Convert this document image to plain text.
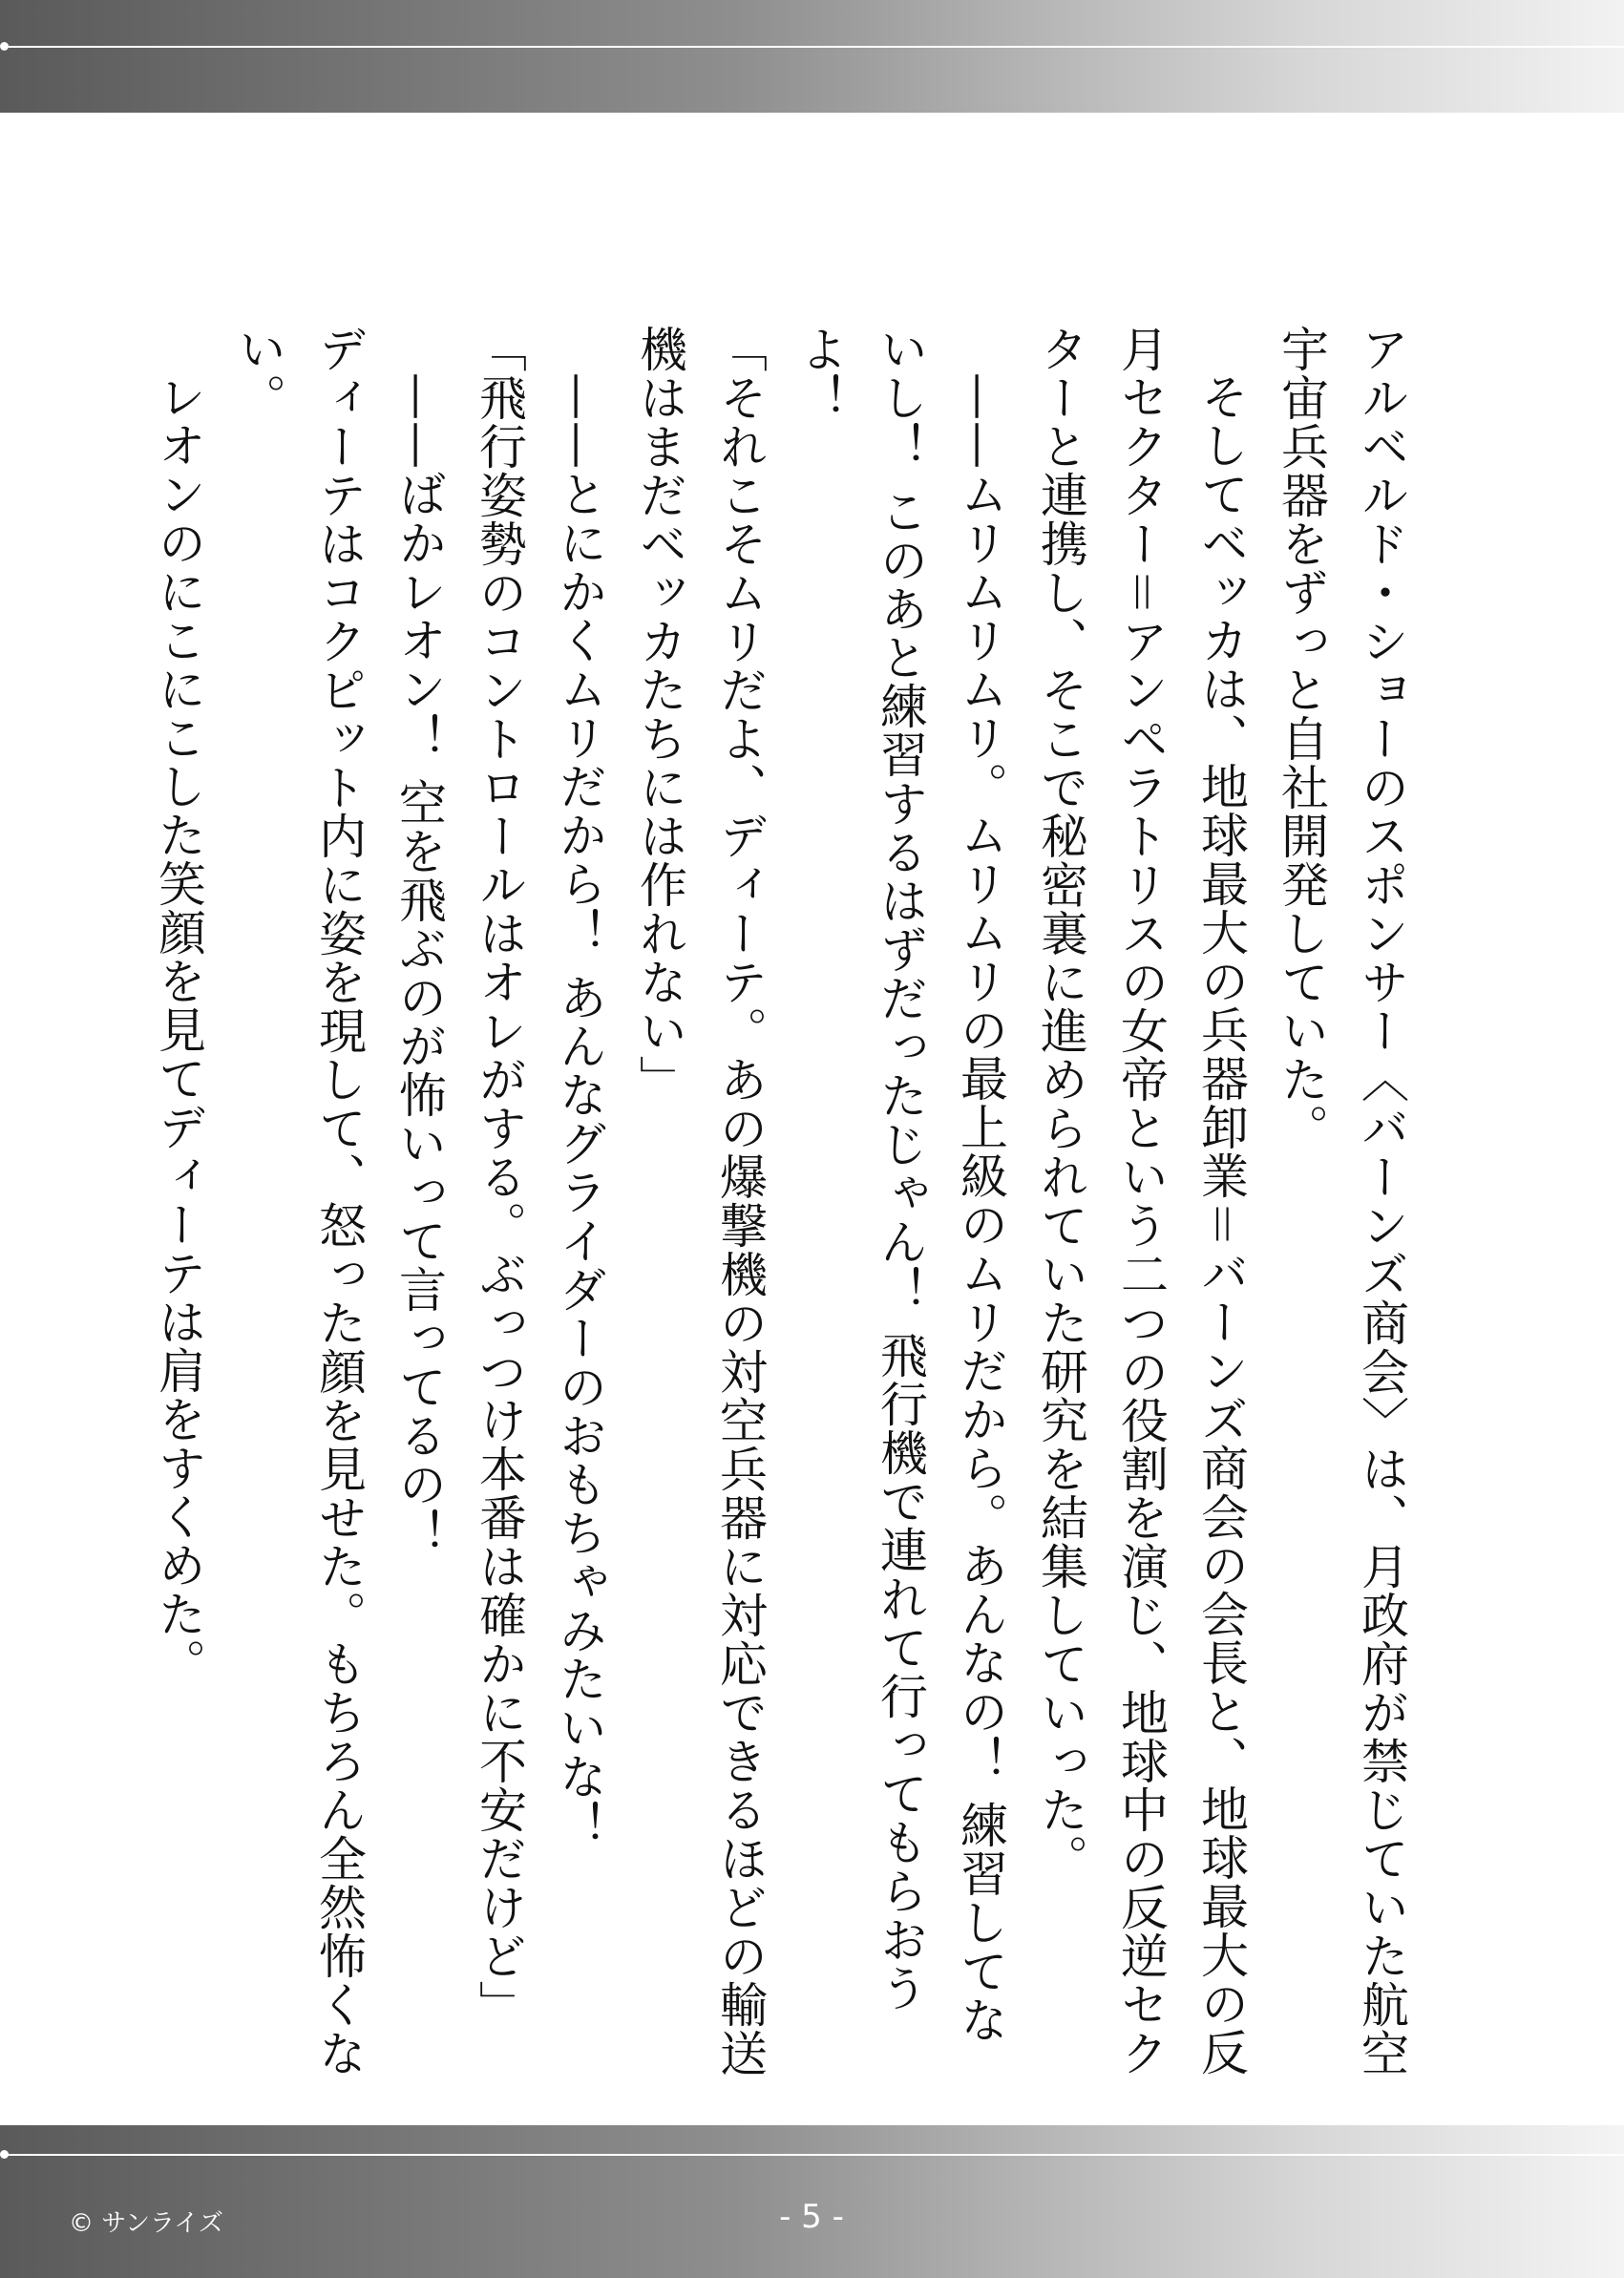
アルベルド・ショーのスポンサー〈バーンズ商会〉は、月政府が禁じていた航空宇宙兵器をずっと自社開発していた。

そしてベッカは、地球最大の兵器卸業＝バーンズ商会の会長と、地球最大の反月セクター＝アンペラトリスの女帝という二つの役割を演じ、地球中の反逆セクターと連携し、そこで秘密裏に進められていた研究を結集していった。

——ムリムリムリ。ムリムリの最上級のムリだから。あんなの！ 練習してないし！ このあと練習するはずだったじゃん！ 飛行機で連れて行ってもらおうよ！

「それこそムリだよ、ディーテ。あの爆撃機の対空兵器に対応できるほどの輸送機はまだベッカたちには作れない」

——とにかくムリだから！ あんなグライダーのおもちゃみたいな！

「飛行姿勢のコントロールはオレがする。ぶっつけ本番は確かに不安だけど」

——ばかレオン！ 空を飛ぶのが怖いって言ってるの！

ディーテはコクピット内に姿を現して、怒った顔を見せた。もちろん全然怖くない。

レオンのにこにこした笑顔を見てディーテは肩をすくめた。

© サンライズ	- 5 -
